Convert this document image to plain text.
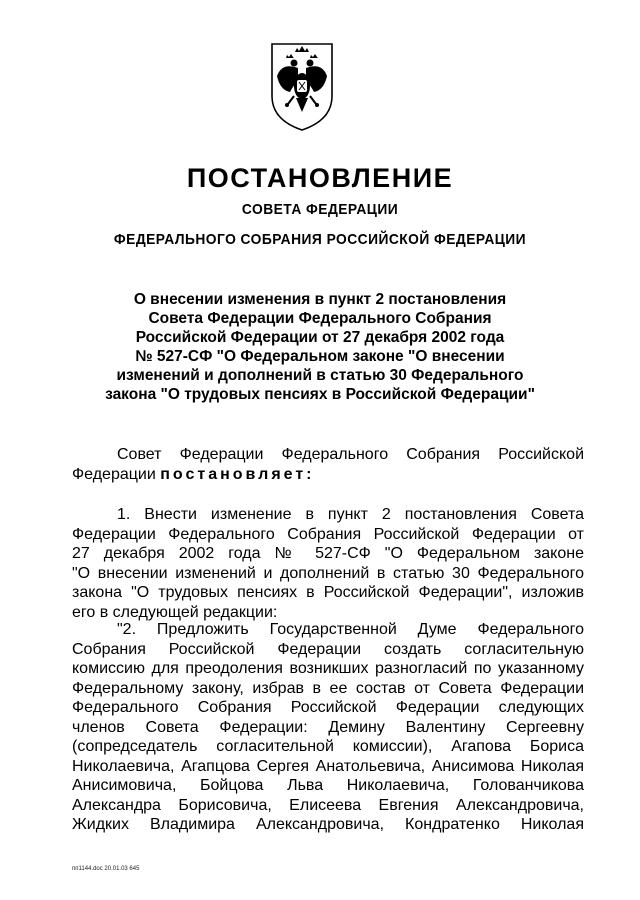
ПОСТАНОВЛЕНИЕ
СОВЕТА ФЕДЕРАЦИИ
ФЕДЕРАЛЬНОГО СОБРАНИЯ РОССИЙСКОЙ ФЕДЕРАЦИИ
О внесении изменения в пункт 2 постановления
Совета Федерации Федерального Собрания
Российской Федерации от 27 декабря 2002 года
№ 527-СФ "О Федеральном законе "О внесении
изменений и дополнений в статью 30 Федерального
закона "О трудовых пенсиях в Российской Федерации"
Совет Федерации Федерального Собрания Российской
Федерации постановляет:
1. Внести изменение в пункт 2 постановления Совета
Федерации Федерального Собрания Российской Федерации от
27 декабря 2002 года № 527-СФ "О Федеральном законе
"О внесении изменений и дополнений в статью 30 Федерального
закона "О трудовых пенсиях в Российской Федерации", изложив
его в следующей редакции:
"2. Предложить Государственной Думе Федерального
Собрания Российской Федерации создать согласительную
комиссию для преодоления возникших разногласий по указанному
Федеральному закону, избрав в ее состав от Совета Федерации
Федерального Собрания Российской Федерации следующих
членов Совета Федерации: Демину Валентину Сергеевну
(сопредседатель согласительной комиссии), Агапова Бориса
Николаевича, Агапцова Сергея Анатольевича, Анисимова Николая
Анисимовича, Бойцова Льва Николаевича, Голованчикова
Александра Борисовича, Елисеева Евгения Александровича,
Жидких Владимира Александровича, Кондратенко Николая
пп1144.doc 20.01.03 645
